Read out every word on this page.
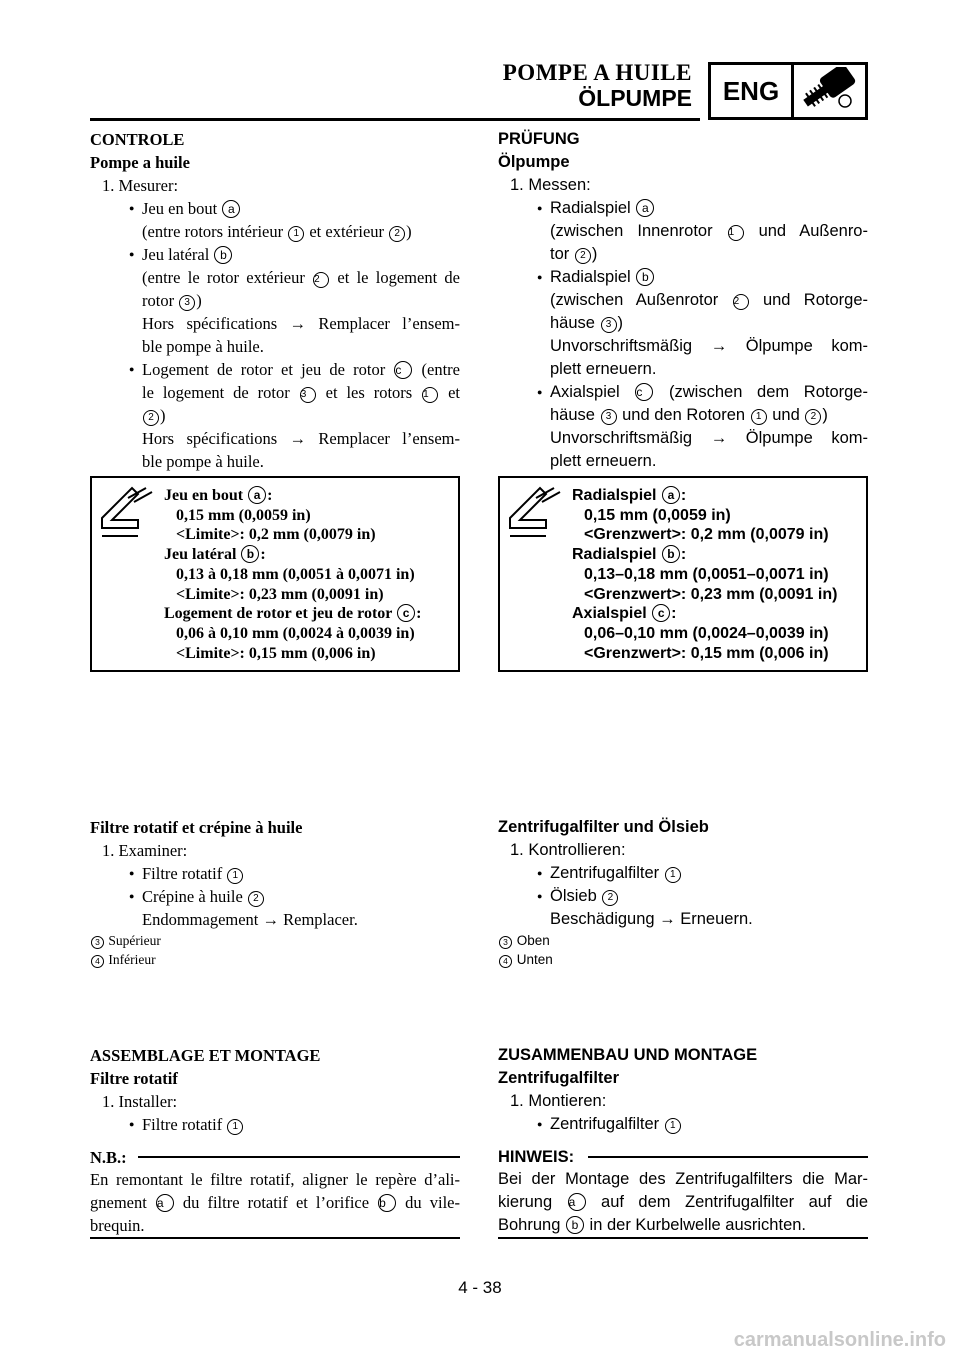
POMPE A HUILE
ÖLPUMPE	ENG
CONTROLE
Pompe a huile
1. Mesurer:
● Jeu en bout a
(entre rotors intérieur 1 et extérieur 2 )
● Jeu latéral b
(entre le rotor extérieur 2 et le logement de
rotor 3 )
Hors spécifications → Remplacer l’ensem-
ble pompe à huile.
● Logement de rotor et jeu de rotor c (entre
le logement de rotor 3 et les rotors 1 et
2 )
Hors spécifications → Remplacer l’ensem-
ble pompe à huile.
Jeu en bout a :
0,15 mm (0,0059 in)
<Limite>: 0,2 mm (0,0079 in)
Jeu latéral b :
0,13 à 0,18 mm (0,0051 à 0,0071 in)
<Limite>: 0,23 mm (0,0091 in)
Logement de rotor et jeu de rotor c :
0,06 à 0,10 mm (0,0024 à 0,0039 in)
<Limite>: 0,15 mm (0,006 in)
PRÜFUNG
Ölpumpe
1. Messen:
● Radialspiel a
(zwischen Innenrotor 1 und Außenro-
tor 2 )
● Radialspiel b
(zwischen Außenrotor 2 und Rotorge-
häuse 3 )
Unvorschriftsmäßig → Ölpumpe kom-
plett erneuern.
● Axialspiel c (zwischen dem Rotorge-
häuse 3 und den Rotoren 1 und 2 )
Unvorschriftsmäßig → Ölpumpe kom-
plett erneuern.
Radialspiel a :
0,15 mm (0,0059 in)
<Grenzwert>: 0,2 mm (0,0079 in)
Radialspiel b :
0,13–0,18 mm (0,0051–0,0071 in)
<Grenzwert>: 0,23 mm (0,0091 in)
Axialspiel c :
0,06–0,10 mm (0,0024–0,0039 in)
<Grenzwert>: 0,15 mm (0,006 in)
Filtre rotatif et crépine à huile
1. Examiner:
● Filtre rotatif 1
● Crépine à huile 2
Endommagement → Remplacer.
3 Supérieur
4 Inférieur
Zentrifugalfilter und Ölsieb
1. Kontrollieren:
● Zentrifugalfilter 1
● Ölsieb 2
Beschädigung → Erneuern.
3 Oben
4 Unten
ASSEMBLAGE ET MONTAGE
Filtre rotatif
1. Installer:
● Filtre rotatif 1
N.B.:
En remontant le filtre rotatif, aligner le repère d’ali-
gnement a du filtre rotatif et l’orifice b du vile-
brequin.
ZUSAMMENBAU UND MONTAGE
Zentrifugalfilter
1. Montieren:
● Zentrifugalfilter 1
HINWEIS:
Bei der Montage des Zentrifugalfilters die Mar-
kierung a auf dem Zentrifugalfilter auf die
Bohrung b in der Kurbelwelle ausrichten.
4 - 38
carmanualsonline.info
